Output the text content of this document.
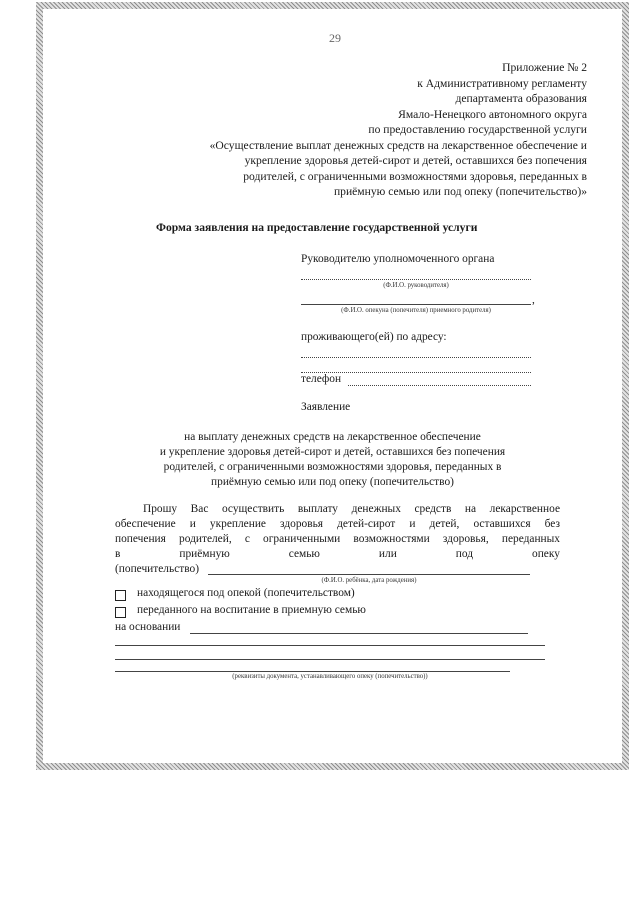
29
Приложение № 2
к Административному регламенту
департамента образования
Ямало-Ненецкого автономного округа
по предоставлению государственной услуги
«Осуществление выплат денежных средств на лекарственное обеспечение и
укрепление здоровья детей-сирот и детей, оставшихся без попечения
родителей, с ограниченными возможностями здоровья, переданных в
приёмную семью или под опеку (попечительство)»
Форма заявления на предоставление государственной услуги
Руководителю уполномоченного органа
(Ф.И.О. руководителя)
,
(Ф.И.О. опекуна (попечителя) приемного родителя)
проживающего(ей) по адресу:
телефон
Заявление
на выплату денежных средств на лекарственное обеспечение
и укрепление здоровья детей-сирот и детей, оставшихся без попечения
родителей, с ограниченными возможностями здоровья, переданных в
приёмную семью или под опеку (попечительство)
Прошу Вас осуществить выплату денежных средств на лекарственное
обеспечение и укрепление здоровья детей-сирот и детей, оставшихся без
попечения родителей, с ограниченными возможностями здоровья, переданных
в	приёмную	семью	или	под	опеку
(попечительство)
(Ф.И.О. ребёнка, дата рождения)
находящегося под опекой (попечительством)
переданного на воспитание в приемную семью
на основании
(реквизиты документа, устанавливающего опеку (попечительство))
